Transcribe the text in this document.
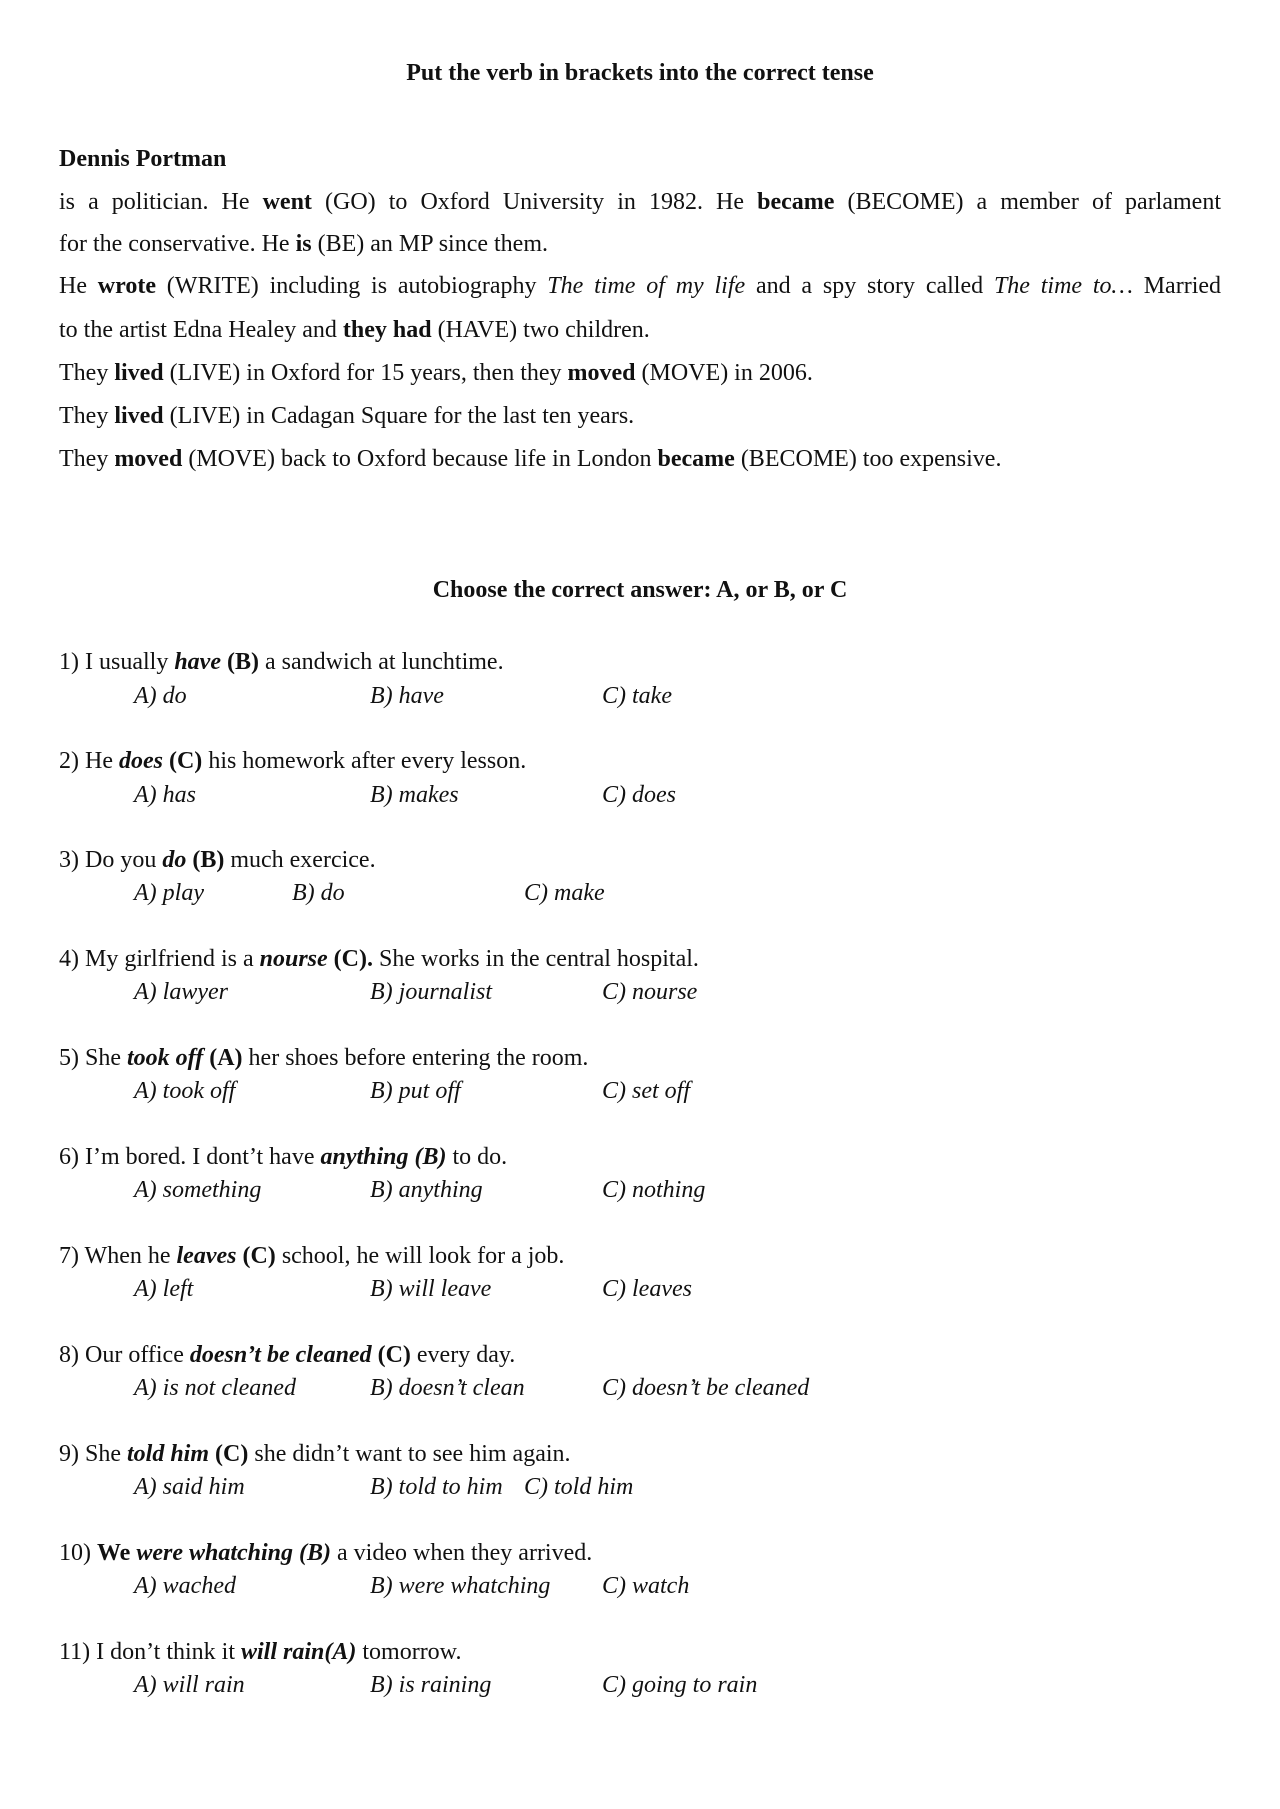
Put the verb in brackets into the correct tense
Dennis Portman
is a politician. He went (GO) to Oxford University in 1982. He became (BECOME) a member of parlament
for the conservative. He is (BE) an MP since them.
He wrote (WRITE) including is autobiography The time of my life and a spy story called The time to… Married
to the artist Edna Healey and they had (HAVE) two children.
They lived (LIVE) in Oxford for 15 years, then they moved (MOVE) in 2006.
They lived (LIVE) in Cadagan Square for the last ten years.
They moved (MOVE) back to Oxford because life in London became (BECOME) too expensive.
Choose the correct answer: A, or B, or C
1) I usually have (B) a sandwich at lunchtime.
A) do	B) have	C) take
2) He does (C) his homework after every lesson.
A) has	B) makes	C) does
3) Do you do (B) much exercice.
A) play	B) do	C) make
4) My girlfriend is a nourse (C). She works in the central hospital.
A) lawyer	B) journalist	C) nourse
5) She took off (A) her shoes before entering the room.
A) took off	B) put off	C) set off
6) I’m bored. I dont’t have anything (B) to do.
A) something	B) anything	C) nothing
7) When he leaves (C) school, he will look for a job.
A) left	B) will leave	C) leaves
8) Our office doesn’t be cleaned (C) every day.
A) is not cleaned	B) doesn’t clean	C) doesn’t be cleaned
9) She told him (C) she didn’t want to see him again.
A) said him	B) told to him C) told him
10) We were whatching (B) a video when they arrived.
A) wached	B) were whatching C) watch
11) I don’t think it will rain(A) tomorrow.
A) will rain	B) is raining	C) going to rain
